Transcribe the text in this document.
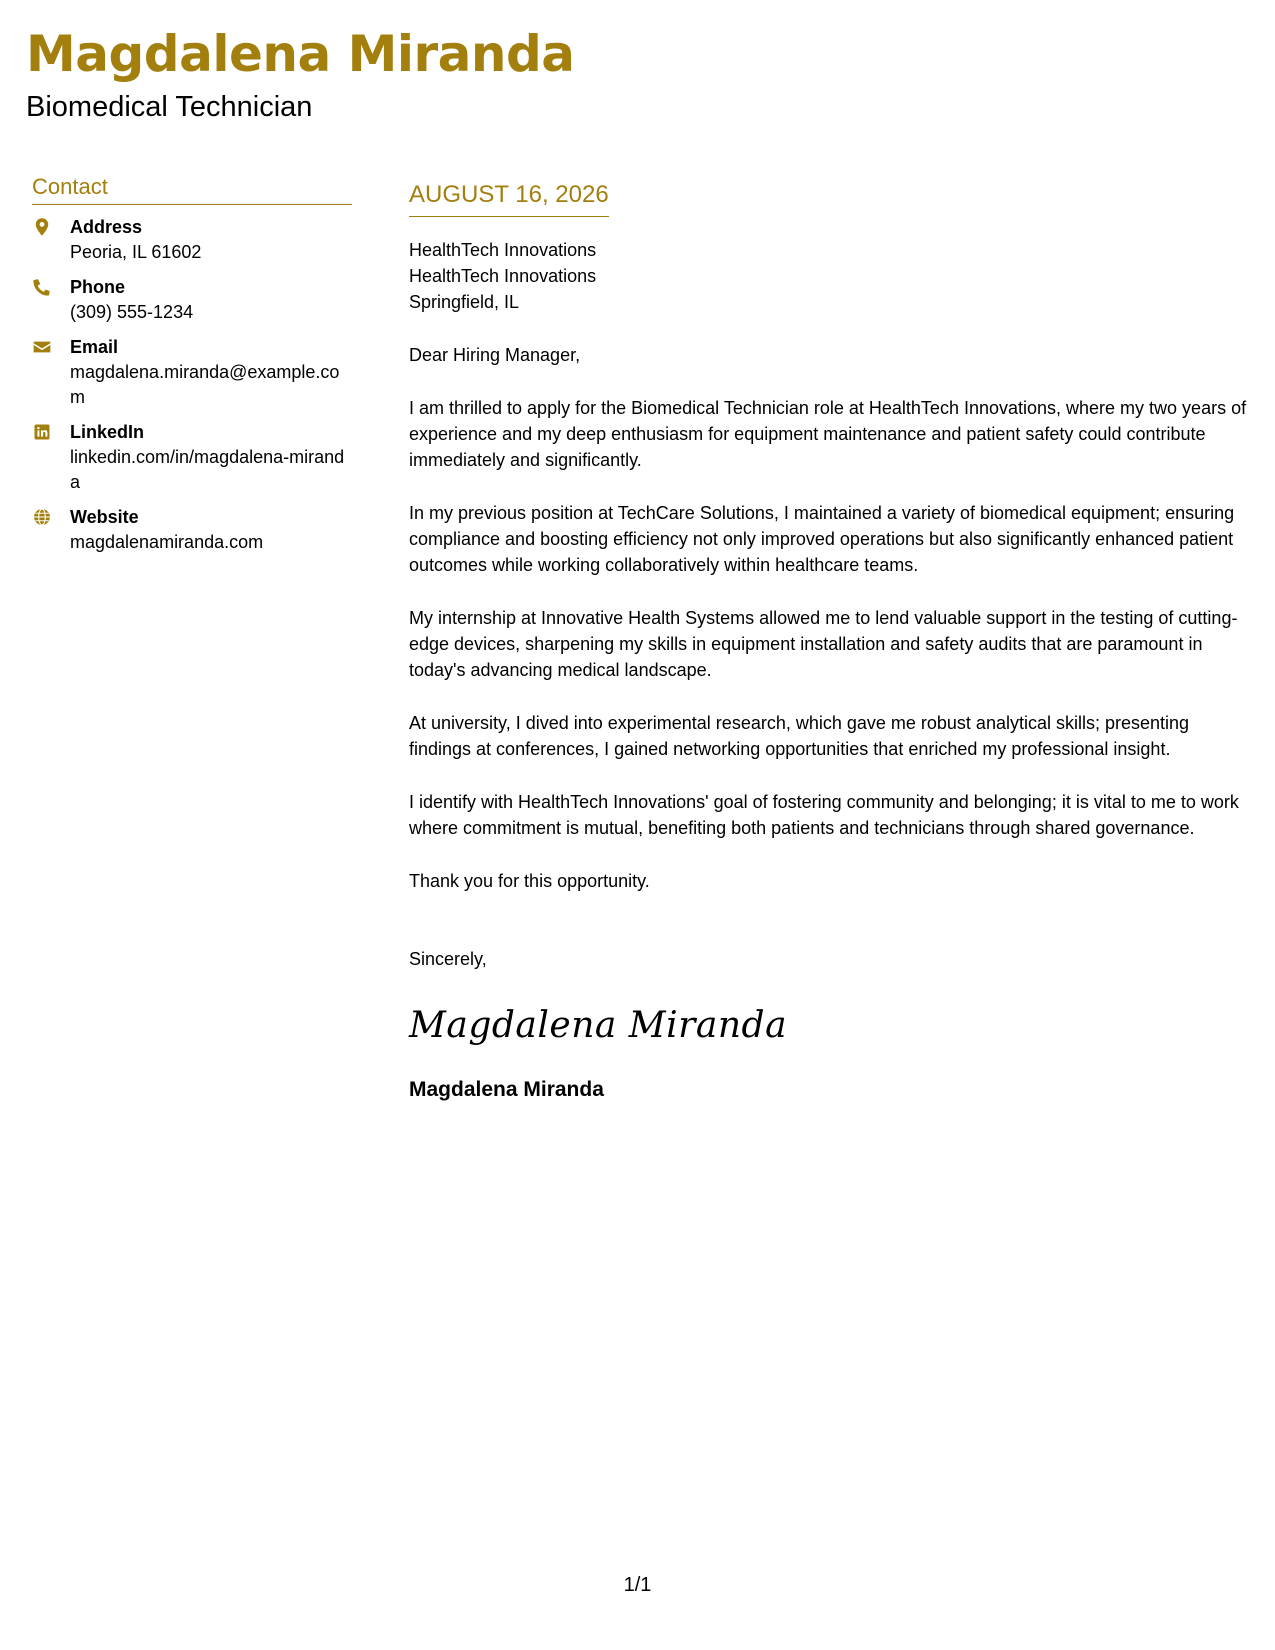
Magdalena Miranda
Biomedical Technician
Contact
Address
Peoria, IL 61602
Phone
(309) 555-1234
Email
magdalena.miranda@example.com
LinkedIn
linkedin.com/in/magdalena-miranda
Website
magdalenamiranda.com
AUGUST 16, 2026
HealthTech Innovations
HealthTech Innovations
Springfield, IL

Dear Hiring Manager,

I am thrilled to apply for the Biomedical Technician role at HealthTech Innovations, where my two years of experience and my deep enthusiasm for equipment maintenance and patient safety could contribute immediately and significantly.

In my previous position at TechCare Solutions, I maintained a variety of biomedical equipment; ensuring compliance and boosting efficiency not only improved operations but also significantly enhanced patient outcomes while working collaboratively within healthcare teams.

My internship at Innovative Health Systems allowed me to lend valuable support in the testing of cutting-edge devices, sharpening my skills in equipment installation and safety audits that are paramount in today's advancing medical landscape.

At university, I dived into experimental research, which gave me robust analytical skills; presenting findings at conferences, I gained networking opportunities that enriched my professional insight.

I identify with HealthTech Innovations' goal of fostering community and belonging; it is vital to me to work where commitment is mutual, benefiting both patients and technicians through shared governance.

Thank you for this opportunity.

Sincerely,
Magdalena Miranda
Magdalena Miranda
1/1
